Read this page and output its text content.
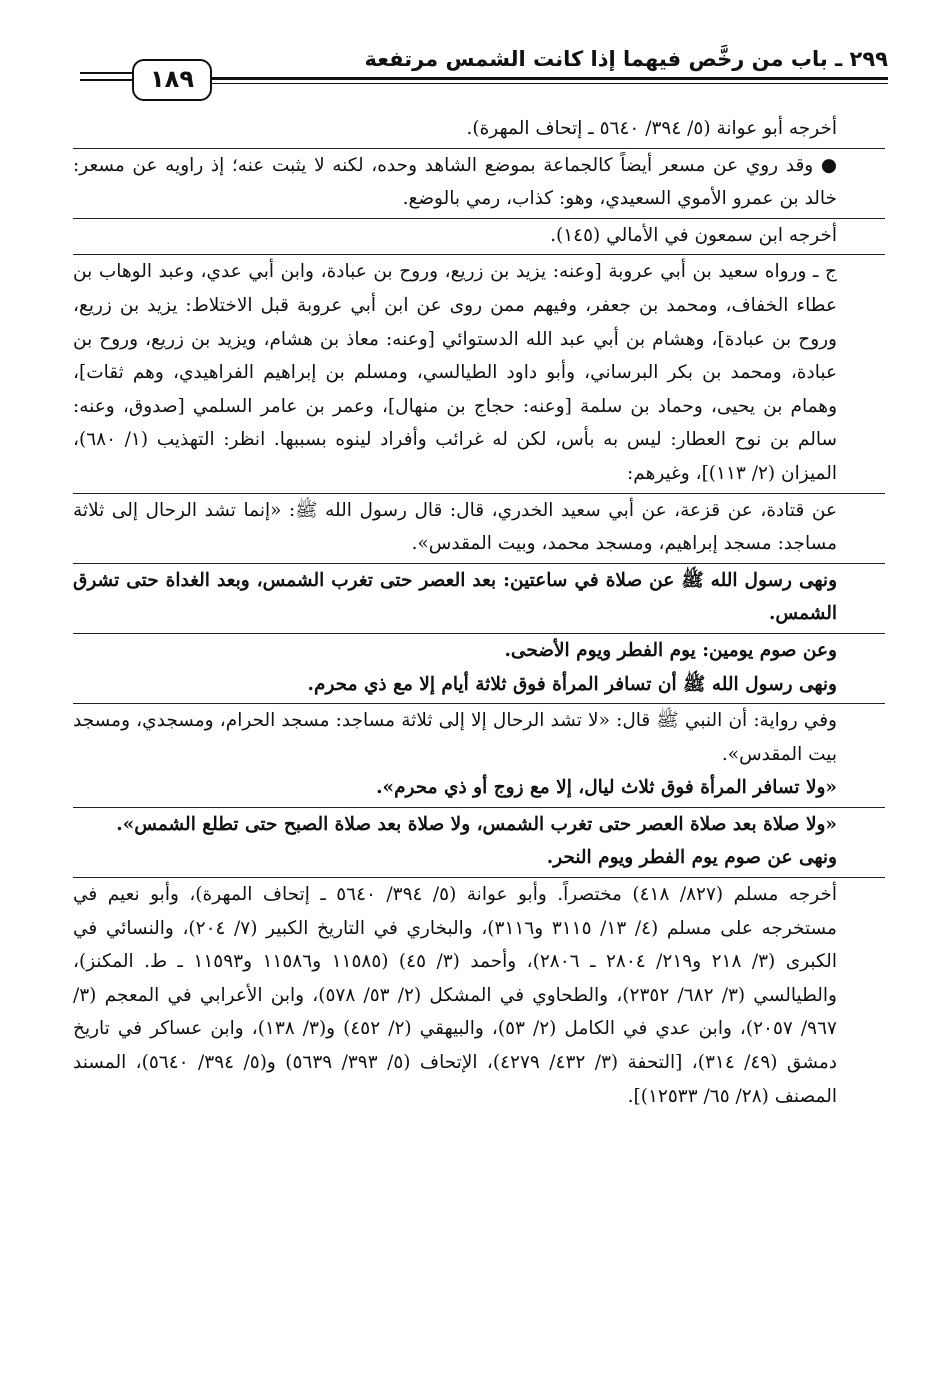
٢٩٩ ـ باب من رخَّص فيهما إذا كانت الشمس مرتفعة
١٨٩

أخرجه أبو عوانة (٥/ ٣٩٤/ ٥٦٤٠ ـ إتحاف المهرة).

● وقد روي عن مسعر أيضاً كالجماعة بموضع الشاهد وحده، لكنه لا يثبت عنه؛ إذ راويه عن مسعر: خالد بن عمرو الأموي السعيدي، وهو: كذاب، رمي بالوضع.

أخرجه ابن سمعون في الأمالي (١٤٥).

ج ـ ورواه سعيد بن أبي عروبة [وعنه: يزيد بن زريع، وروح بن عبادة، وابن أبي عدي، وعبد الوهاب بن عطاء الخفاف، ومحمد بن جعفر، وفيهم ممن روى عن ابن أبي عروبة قبل الاختلاط: يزيد بن زريع، وروح بن عبادة]، وهشام بن أبي عبد الله الدستوائي [وعنه: معاذ بن هشام، ويزيد بن زريع، وروح بن عبادة، ومحمد بن بكر البرساني، وأبو داود الطيالسي، ومسلم بن إبراهيم الفراهيدي، وهم ثقات]، وهمام بن يحيى، وحماد بن سلمة [وعنه: حجاج بن منهال]، وعمر بن عامر السلمي [صدوق، وعنه: سالم بن نوح العطار: ليس به بأس، لكن له غرائب وأفراد لينوه بسببها. انظر: التهذيب (١/ ٦٨٠)، الميزان (٢/ ١١٣)]، وغيرهم:

عن قتادة، عن قزعة، عن أبي سعيد الخدري، قال: قال رسول الله ﷺ: «إنما تشد الرحال إلى ثلاثة مساجد: مسجد إبراهيم، ومسجد محمد، وبيت المقدس».

ونهى رسول الله ﷺ عن صلاة في ساعتين: بعد العصر حتى تغرب الشمس، وبعد الغداة حتى تشرق الشمس.

وعن صوم يومين: يوم الفطر ويوم الأضحى.

ونهى رسول الله ﷺ أن تسافر المرأة فوق ثلاثة أيام إلا مع ذي محرم.

وفي رواية: أن النبي ﷺ قال: «لا تشد الرحال إلا إلى ثلاثة مساجد: مسجد الحرام، ومسجدي، ومسجد بيت المقدس».

«ولا تسافر المرأة فوق ثلاث ليال، إلا مع زوج أو ذي محرم».

«ولا صلاة بعد صلاة العصر حتى تغرب الشمس، ولا صلاة بعد صلاة الصبح حتى تطلع الشمس».

ونهى عن صوم يوم الفطر ويوم النحر.

أخرجه مسلم (٨٢٧/ ٤١٨) مختصراً. وأبو عوانة (٥/ ٣٩٤/ ٥٦٤٠ ـ إتحاف المهرة)، وأبو نعيم في مستخرجه على مسلم (٤/ ١٣/ ٣١١٥ و٣١١٦)، والبخاري في التاريخ الكبير (٧/ ٢٠٤)، والنسائي في الكبرى (٣/ ٢١٨ و٢١٩/ ٢٨٠٤ ـ ٢٨٠٦)، وأحمد (٣/ ٤٥) (١١٥٨٥ و١١٥٨٦ و١١٥٩٣ ـ ط. المكنز)، والطيالسي (٣/ ٦٨٢/ ٢٣٥٢)، والطحاوي في المشكل (٢/ ٥٣/ ٥٧٨)، وابن الأعرابي في المعجم (٣/ ٩٦٧/ ٢٠٥٧)، وابن عدي في الكامل (٢/ ٥٣)، والبيهقي (٢/ ٤٥٢) و(٣/ ١٣٨)، وابن عساكر في تاريخ دمشق (٤٩/ ٣١٤)، [التحفة (٣/ ٤٣٢/ ٤٢٧٩)، الإتحاف (٥/ ٣٩٣/ ٥٦٣٩) و(٥/ ٣٩٤/ ٥٦٤٠)، المسند المصنف (٢٨/ ٦٥/ ١٢٥٣٣)].
